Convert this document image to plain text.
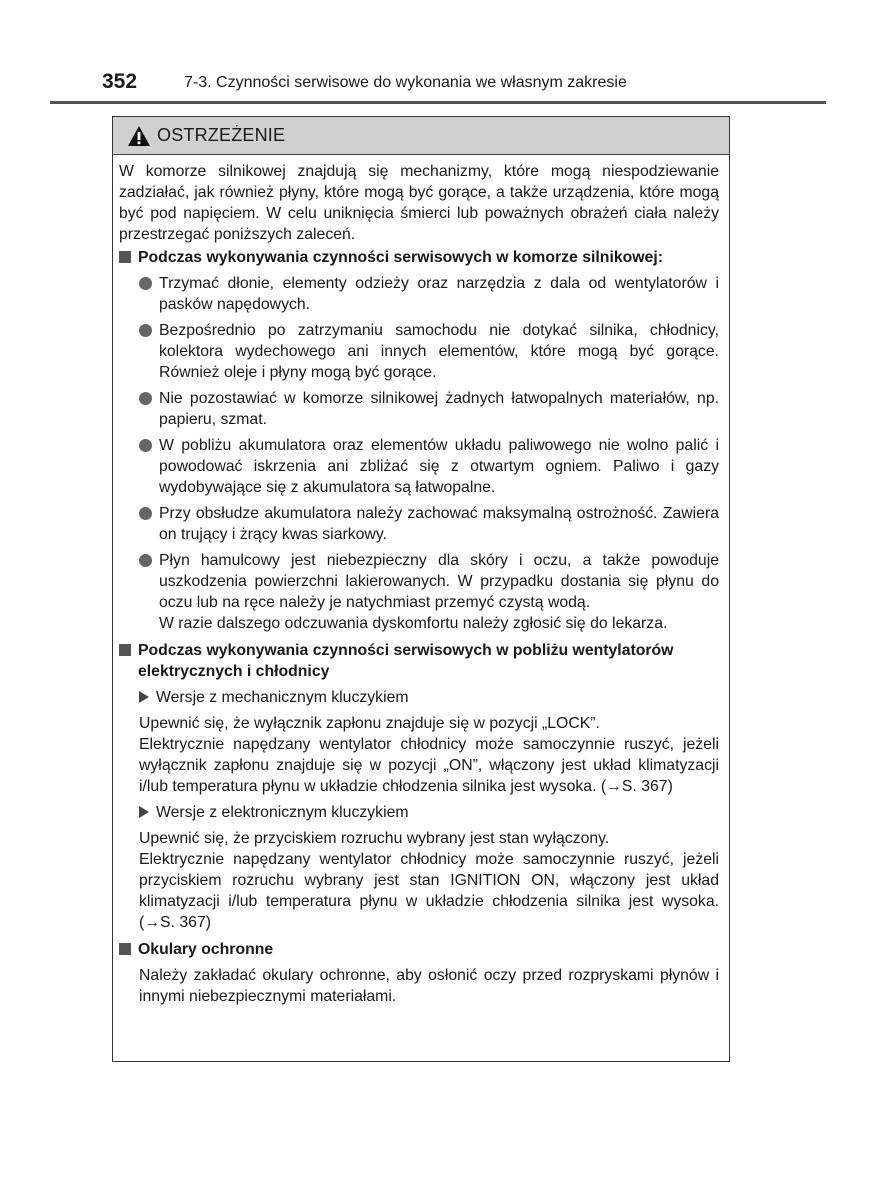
352	7-3. Czynności serwisowe do wykonania we własnym zakresie
OSTRZEŻENIE

W komorze silnikowej znajdują się mechanizmy, które mogą niespodziewanie zadziałać, jak również płyny, które mogą być gorące, a także urządzenia, które mogą być pod napięciem. W celu uniknięcia śmierci lub poważnych obrażeń ciała należy przestrzegać poniższych zaleceń.

Podczas wykonywania czynności serwisowych w komorze silnikowej:
Trzymać dłonie, elementy odzieży oraz narzędzia z dala od wentylatorów i pasków napędowych.
Bezpośrednio po zatrzymaniu samochodu nie dotykać silnika, chłodnicy, kolektora wydechowego ani innych elementów, które mogą być gorące. Również oleje i płyny mogą być gorące.
Nie pozostawiać w komorze silnikowej żadnych łatwopalnych materiałów, np. papieru, szmat.
W pobliżu akumulatora oraz elementów układu paliwowego nie wolno palić i powodować iskrzenia ani zbliżać się z otwartym ogniem. Paliwo i gazy wydobywające się z akumulatora są łatwopalne.
Przy obsłudze akumulatora należy zachować maksymalną ostrożność. Zawiera on trujący i żrący kwas siarkowy.
Płyn hamulcowy jest niebezpieczny dla skóry i oczu, a także powoduje uszkodzenia powierzchni lakierowanych. W przypadku dostania się płynu do oczu lub na ręce należy je natychmiast przemyć czystą wodą.

W razie dalszego odczuwania dyskomfortu należy zgłosić się do lekarza.

Podczas wykonywania czynności serwisowych w pobliżu wentylatorów elektrycznych i chłodnicy
Wersje z mechanicznym kluczykiem

Upewnić się, że wyłącznik zapłonu znajduje się w pozycji „LOCK”.

Elektrycznie napędzany wentylator chłodnicy może samoczynnie ruszyć, jeżeli wyłącznik zapłonu znajduje się w pozycji „ON”, włączony jest układ klimatyzacji i/lub temperatura płynu w układzie chłodzenia silnika jest wysoka. (→S. 367)

Wersje z elektronicznym kluczykiem

Upewnić się, że przyciskiem rozruchu wybrany jest stan wyłączony.

Elektrycznie napędzany wentylator chłodnicy może samoczynnie ruszyć, jeżeli przyciskiem rozruchu wybrany jest stan IGNITION ON, włączony jest układ klimatyzacji i/lub temperatura płynu w układzie chłodzenia silnika jest wysoka. (→S. 367)

Okulary ochronne

Należy zakładać okulary ochronne, aby osłonić oczy przed rozpryskami płynów i innymi niebezpiecznymi materiałami.
